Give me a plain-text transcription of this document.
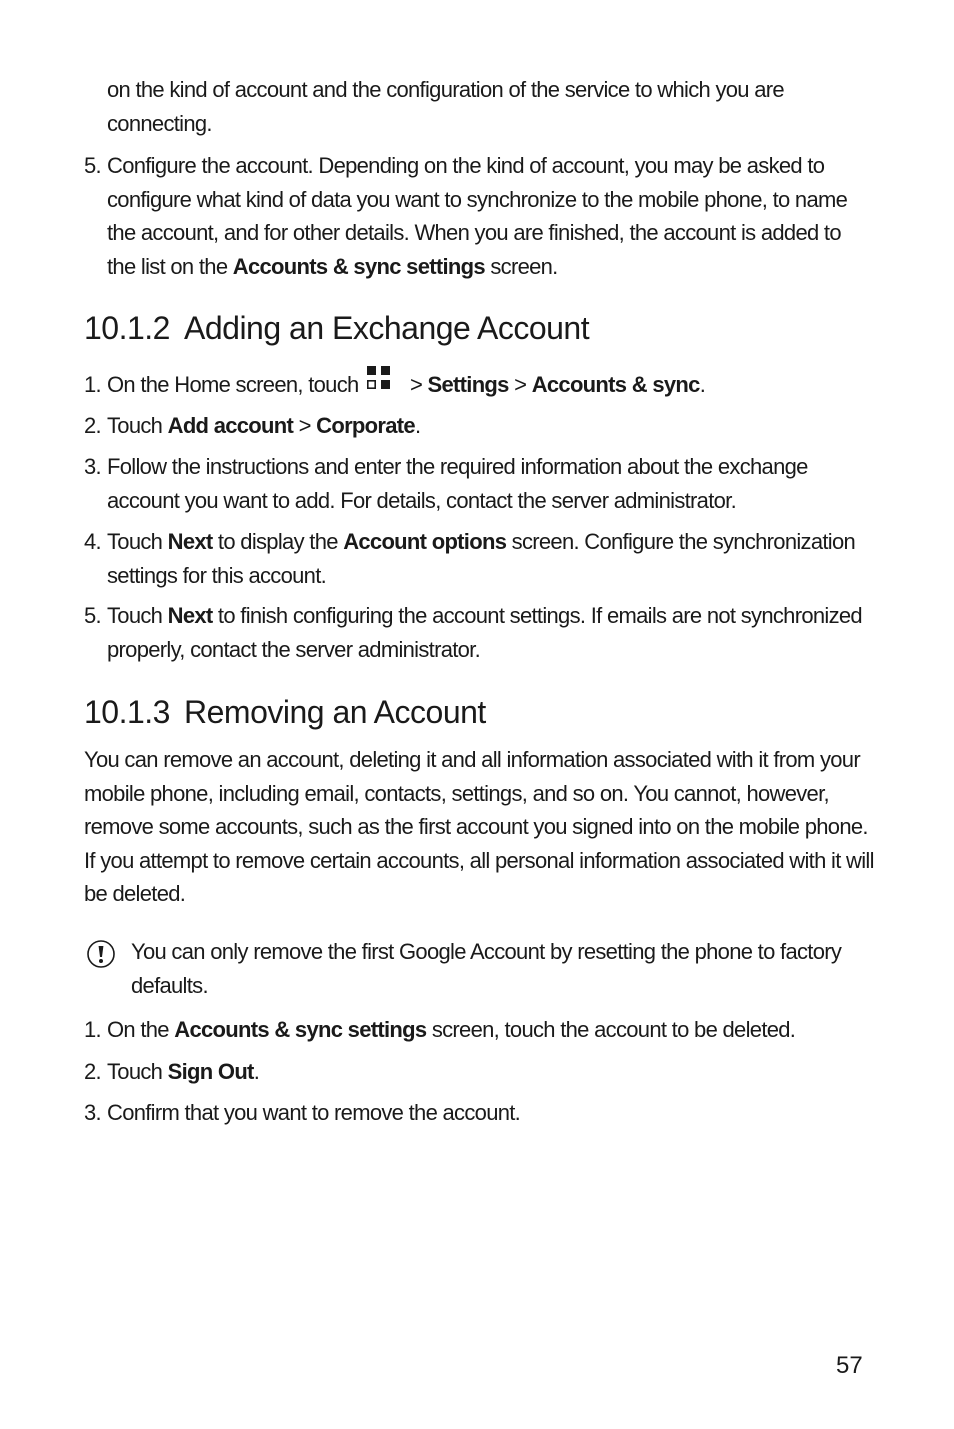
on the kind of account and the configuration of the service to which you are connecting.
5. Configure the account. Depending on the kind of account, you may be asked to configure what kind of data you want to synchronize to the mobile phone, to name the account, and for other details. When you are finished, the account is added to the list on the Accounts & sync settings screen.
10.1.2 Adding an Exchange Account
1. On the Home screen, touch > Settings > Accounts & sync.
2. Touch Add account > Corporate.
3. Follow the instructions and enter the required information about the exchange account you want to add. For details, contact the server administrator.
4. Touch Next to display the Account options screen. Configure the synchronization settings for this account.
5. Touch Next to finish configuring the account settings. If emails are not synchronized properly, contact the server administrator.
10.1.3 Removing an Account
You can remove an account, deleting it and all information associated with it from your mobile phone, including email, contacts, settings, and so on. You cannot, however, remove some accounts, such as the first account you signed into on the mobile phone. If you attempt to remove certain accounts, all personal information associated with it will be deleted.
You can only remove the first Google Account by resetting the phone to factory defaults.
1. On the Accounts & sync settings screen, touch the account to be deleted.
2. Touch Sign Out.
3. Confirm that you want to remove the account.
57
